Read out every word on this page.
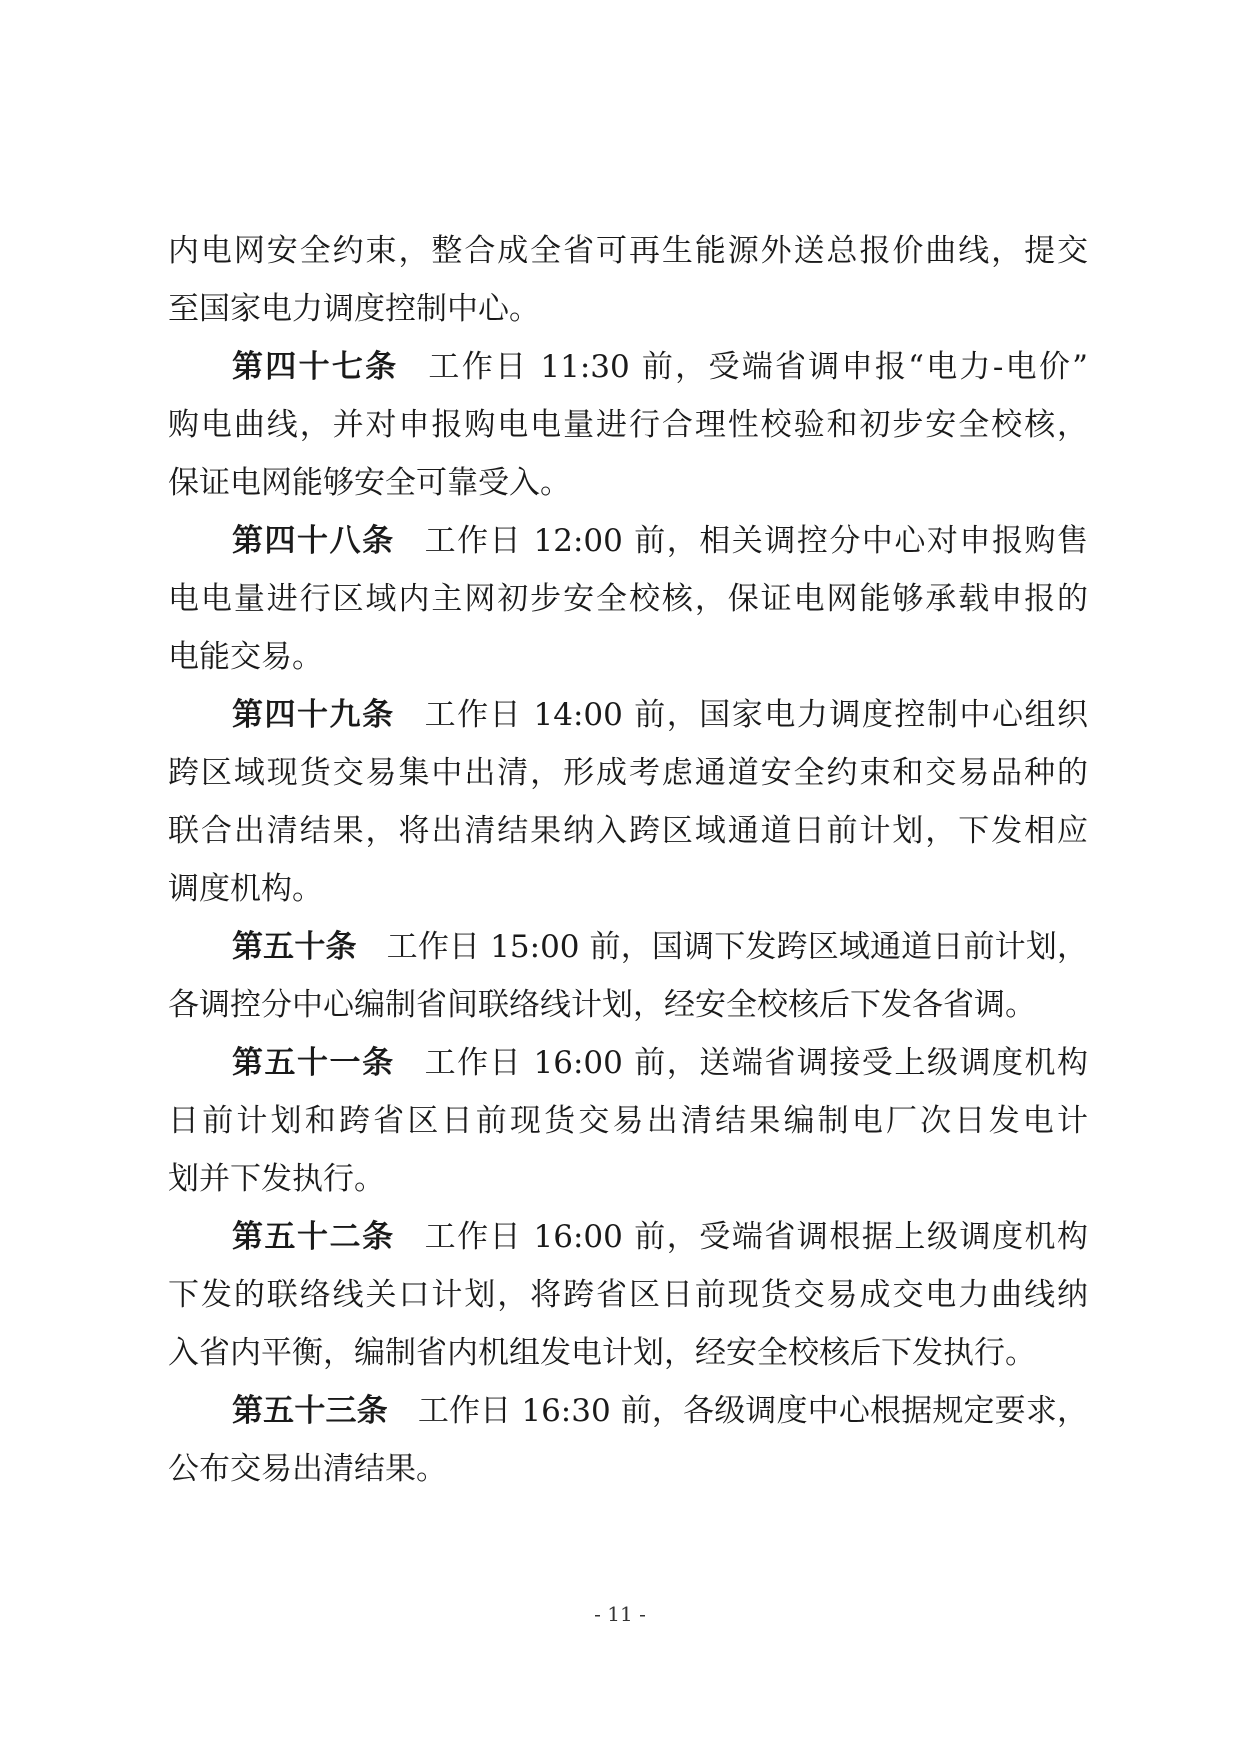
内电网安全约束，整合成全省可再生能源外送总报价曲线，提交
至国家电力调度控制中心。
第四十七条 工作日 11:30 前，受端省调申报“电力-电价”
购电曲线，并对申报购电电量进行合理性校验和初步安全校核，
保证电网能够安全可靠受入。
第四十八条 工作日 12:00 前，相关调控分中心对申报购售
电电量进行区域内主网初步安全校核，保证电网能够承载申报的
电能交易。
第四十九条 工作日 14:00 前，国家电力调度控制中心组织
跨区域现货交易集中出清，形成考虑通道安全约束和交易品种的
联合出清结果，将出清结果纳入跨区域通道日前计划，下发相应
调度机构。
第五十条 工作日 15:00 前，国调下发跨区域通道日前计划，
各调控分中心编制省间联络线计划，经安全校核后下发各省调。
第五十一条 工作日 16:00 前，送端省调接受上级调度机构
日前计划和跨省区日前现货交易出清结果编制电厂次日发电计
划并下发执行。
第五十二条 工作日 16:00 前，受端省调根据上级调度机构
下发的联络线关口计划，将跨省区日前现货交易成交电力曲线纳
入省内平衡，编制省内机组发电计划，经安全校核后下发执行。
第五十三条 工作日 16:30 前，各级调度中心根据规定要求，
公布交易出清结果。
- 11 -
